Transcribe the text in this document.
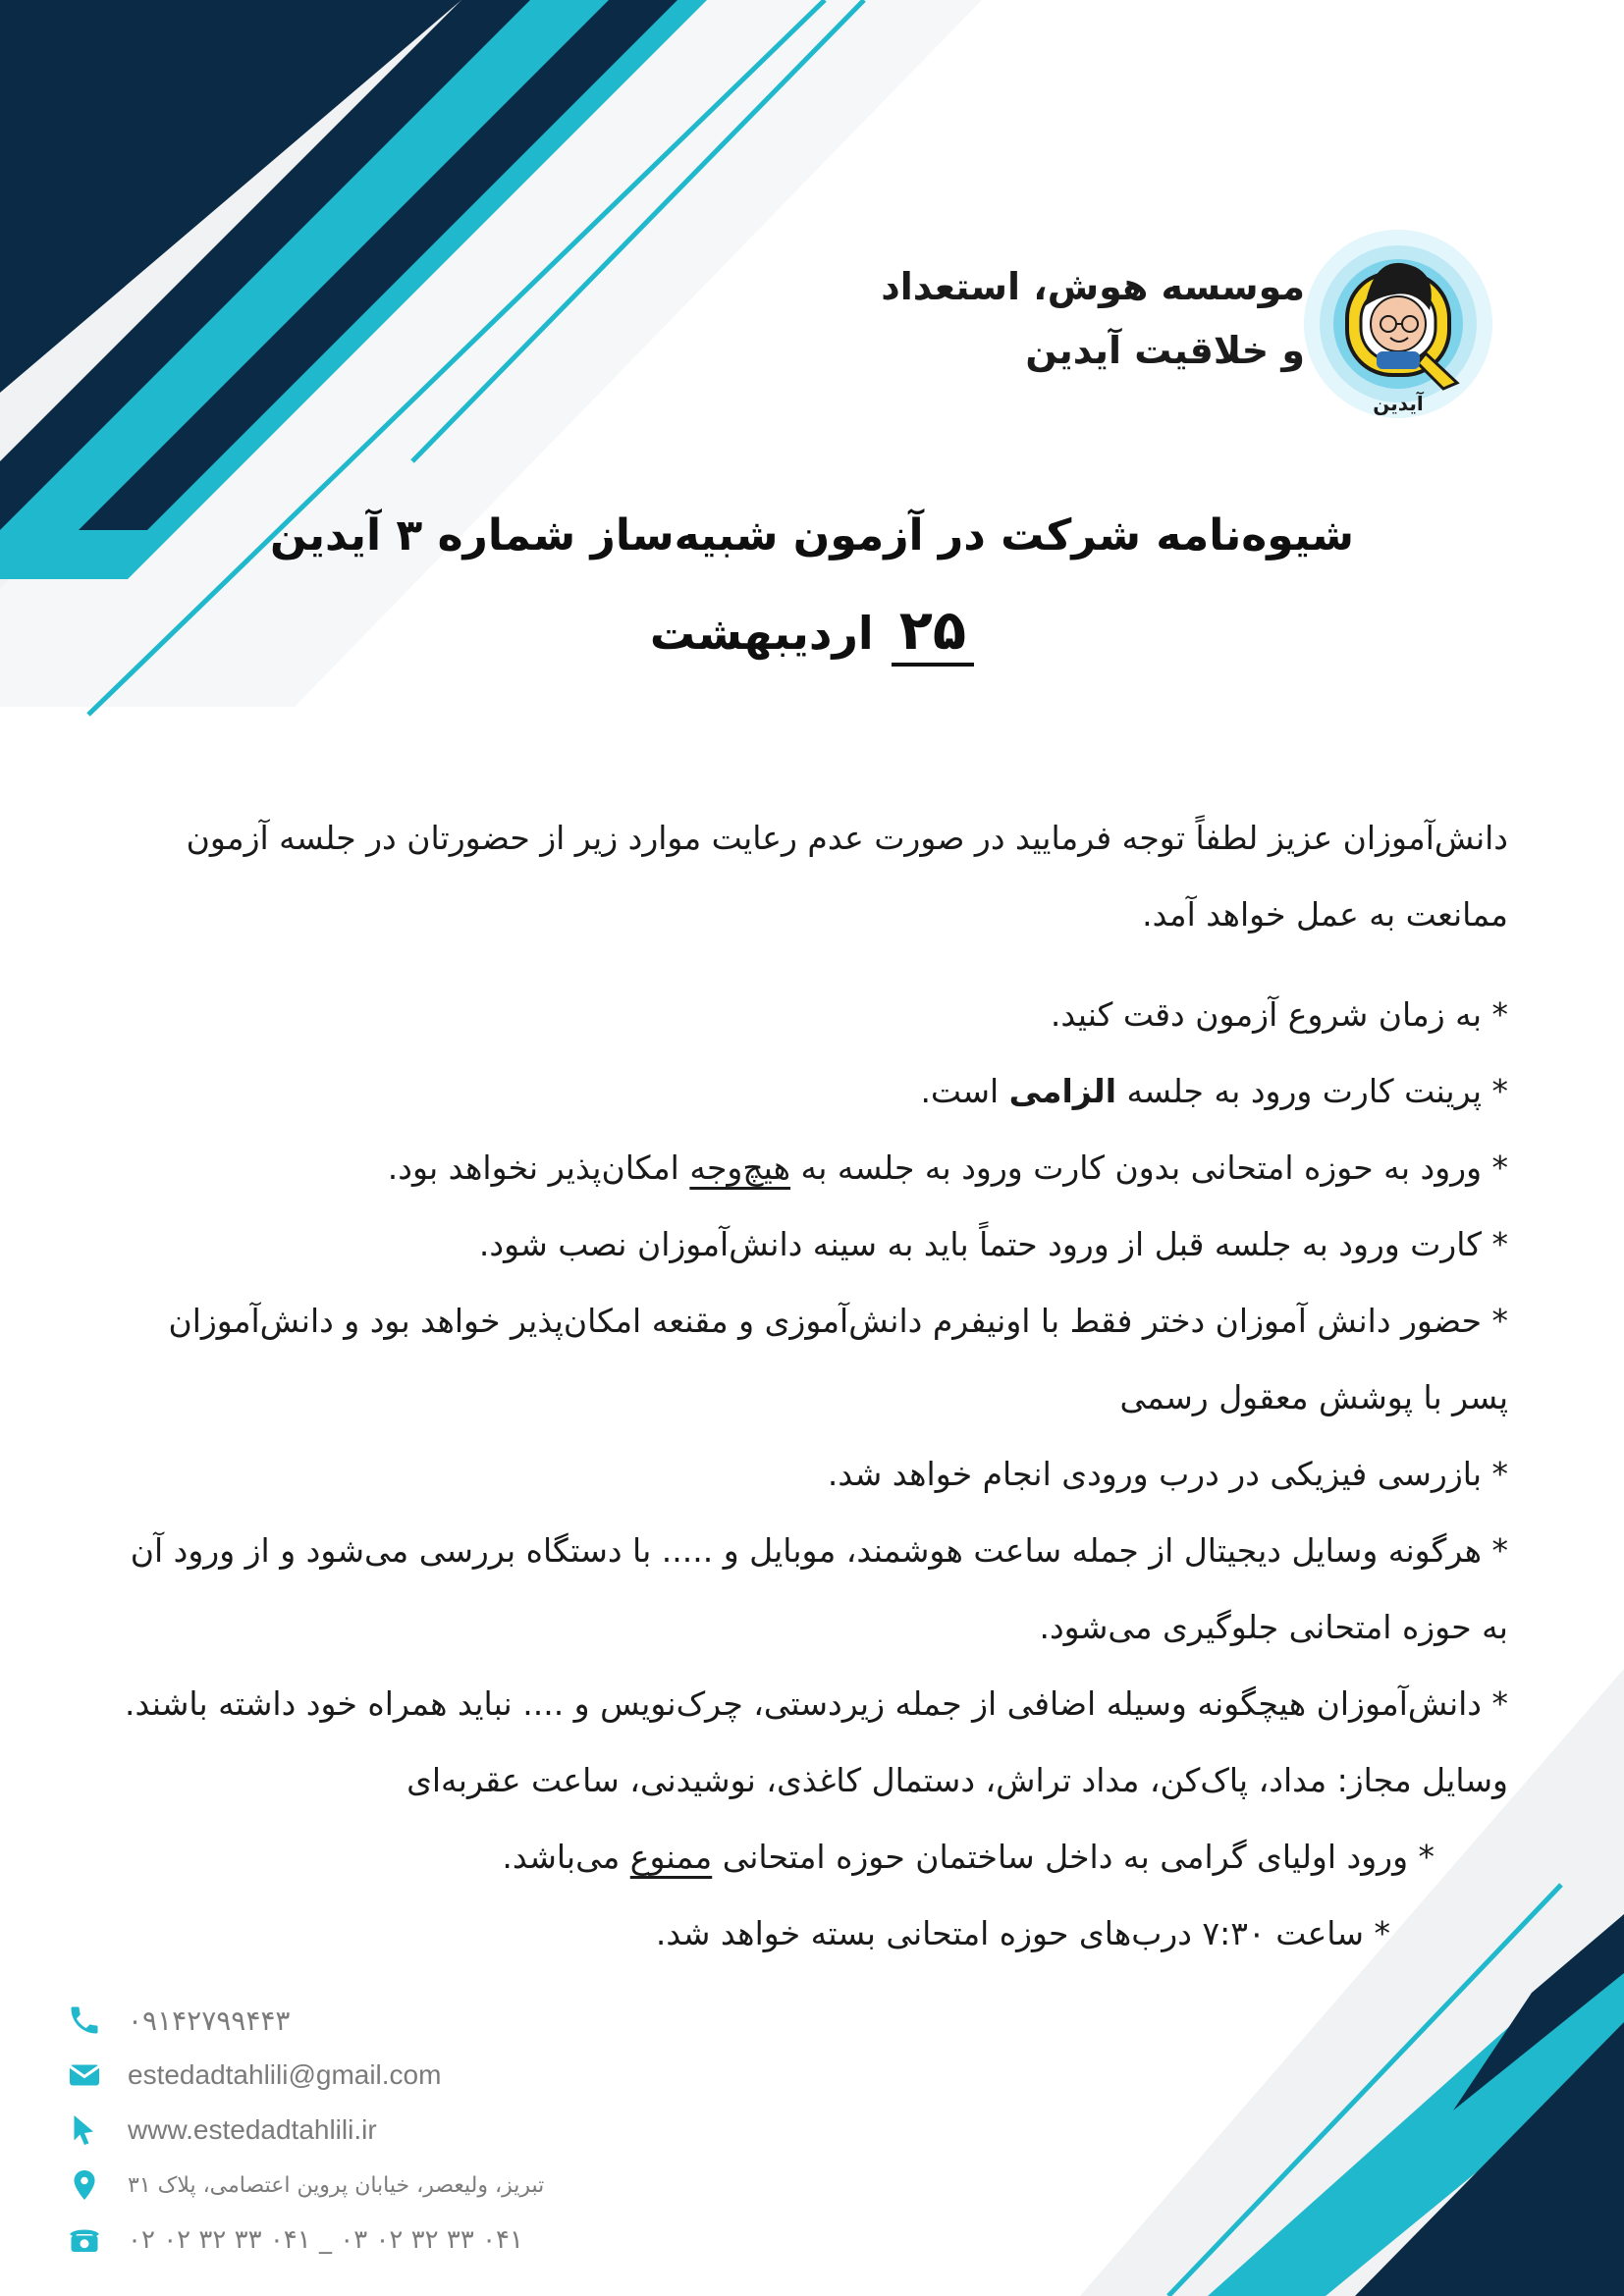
آیدین
موسسه هوش، استعداد
و خلاقیت آیدین
شیوه‌نامه شرکت در آزمون شبیه‌ساز شماره ۳ آیدین
۲۵اردیبهشت

دانش‌آموزان عزیز لطفاً توجه فرمایید در صورت عدم رعایت موارد زیر از حضورتان در جلسه آزمون ممانعت به عمل خواهد آمد.

* به زمان شروع آزمون دقت کنید.

* پرینت کارت ورود به جلسه الزامی است.

* ورود به حوزه امتحانی بدون کارت ورود به جلسه به هیچ‌وجه امکان‌پذیر نخواهد بود.

* کارت ورود به جلسه قبل از ورود حتماً باید به سینه دانش‌آموزان نصب شود.

* حضور دانش آموزان دختر فقط با اونیفرم دانش‌آموزی و مقنعه امکان‌پذیر خواهد بود و دانش‌آموزان پسر با پوشش معقول رسمی

* بازرسی فیزیکی در درب ورودی انجام خواهد شد.

* هرگونه وسایل دیجیتال از جمله ساعت هوشمند، موبایل و ..... با دستگاه بررسی می‌شود و از ورود آن به حوزه امتحانی جلوگیری می‌شود.

* دانش‌آموزان هیچگونه وسیله اضافی از جمله زیردستی، چرک‌نویس و .... نباید همراه خود داشته باشند. وسایل مجاز: مداد، پاک‌کن، مداد تراش، دستمال کاغذی، نوشیدنی، ساعت عقربه‌ای

* ورود اولیای گرامی به داخل ساختمان حوزه امتحانی ممنوع می‌باشد.

* ساعت ۷:۳۰ درب‌های حوزه امتحانی بسته خواهد شد.

۰۹۱۴۲۷۹۹۴۴۳
estedadtahlili@gmail.com
www.estedadtahlili.ir
تبریز، ولیعصر، خیابان پروین اعتصامی، پلاک ۳۱
۰۴۱ ۳۳ ۳۲ ۰۲ ۰۳ _ ۰۴۱ ۳۳ ۳۲ ۰۲ ۰۲
